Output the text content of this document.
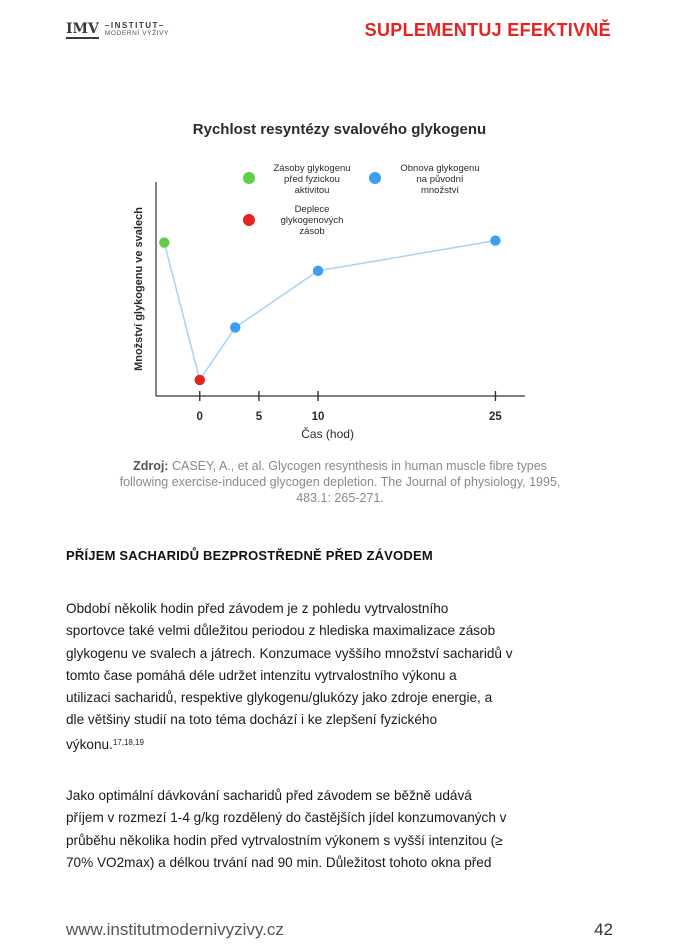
IMV –INSTITUT–
MODERNÍ VÝŽIVY	SUPLEMENTUJ EFEKTIVNĚ
Rychlost resyntézy svalového glykogenu
0	5	10	25
Čas (hod)
Množství glykogenu ve svalech
Zásoby glykogenu
před fyzickou
aktivitou
Deplece
glykogenových
zásob
Obnova glykogenu
na původní
množství
Zdroj: CASEY, A., et al. Glycogen resynthesis in human muscle fibre types
following exercise-induced glycogen depletion. The Journal of physiology, 1995,
483.1: 265-271.
PŘÍJEM SACHARIDŮ BEZPROSTŘEDNĚ PŘED ZÁVODEM
Období několik hodin před závodem je z pohledu vytrvalostního
sportovce také velmi důležitou periodou z hlediska maximalizace zásob
glykogenu ve svalech a játrech. Konzumace vyššího množství sacharidů v
tomto čase pomáhá déle udržet intenzitu vytrvalostního výkonu a
utilizaci sacharidů, respektive glykogenu/glukózy jako zdroje energie, a
dle většiny studií na toto téma dochází i ke zlepšení fyzického
výkonu.$^{17,18,19}$
Jako optimální dávkování sacharidů před závodem se běžně udává
příjem v rozmezí 1-4 g/kg rozdělený do častějších jídel konzumovaných v
průběhu několika hodin před vytrvalostním výkonem s vyšší intenzitou (≥
70% VO2max) a délkou trvání nad 90 min. Důležitost tohoto okna před
www.institutmodernivyzivy.cz	42
